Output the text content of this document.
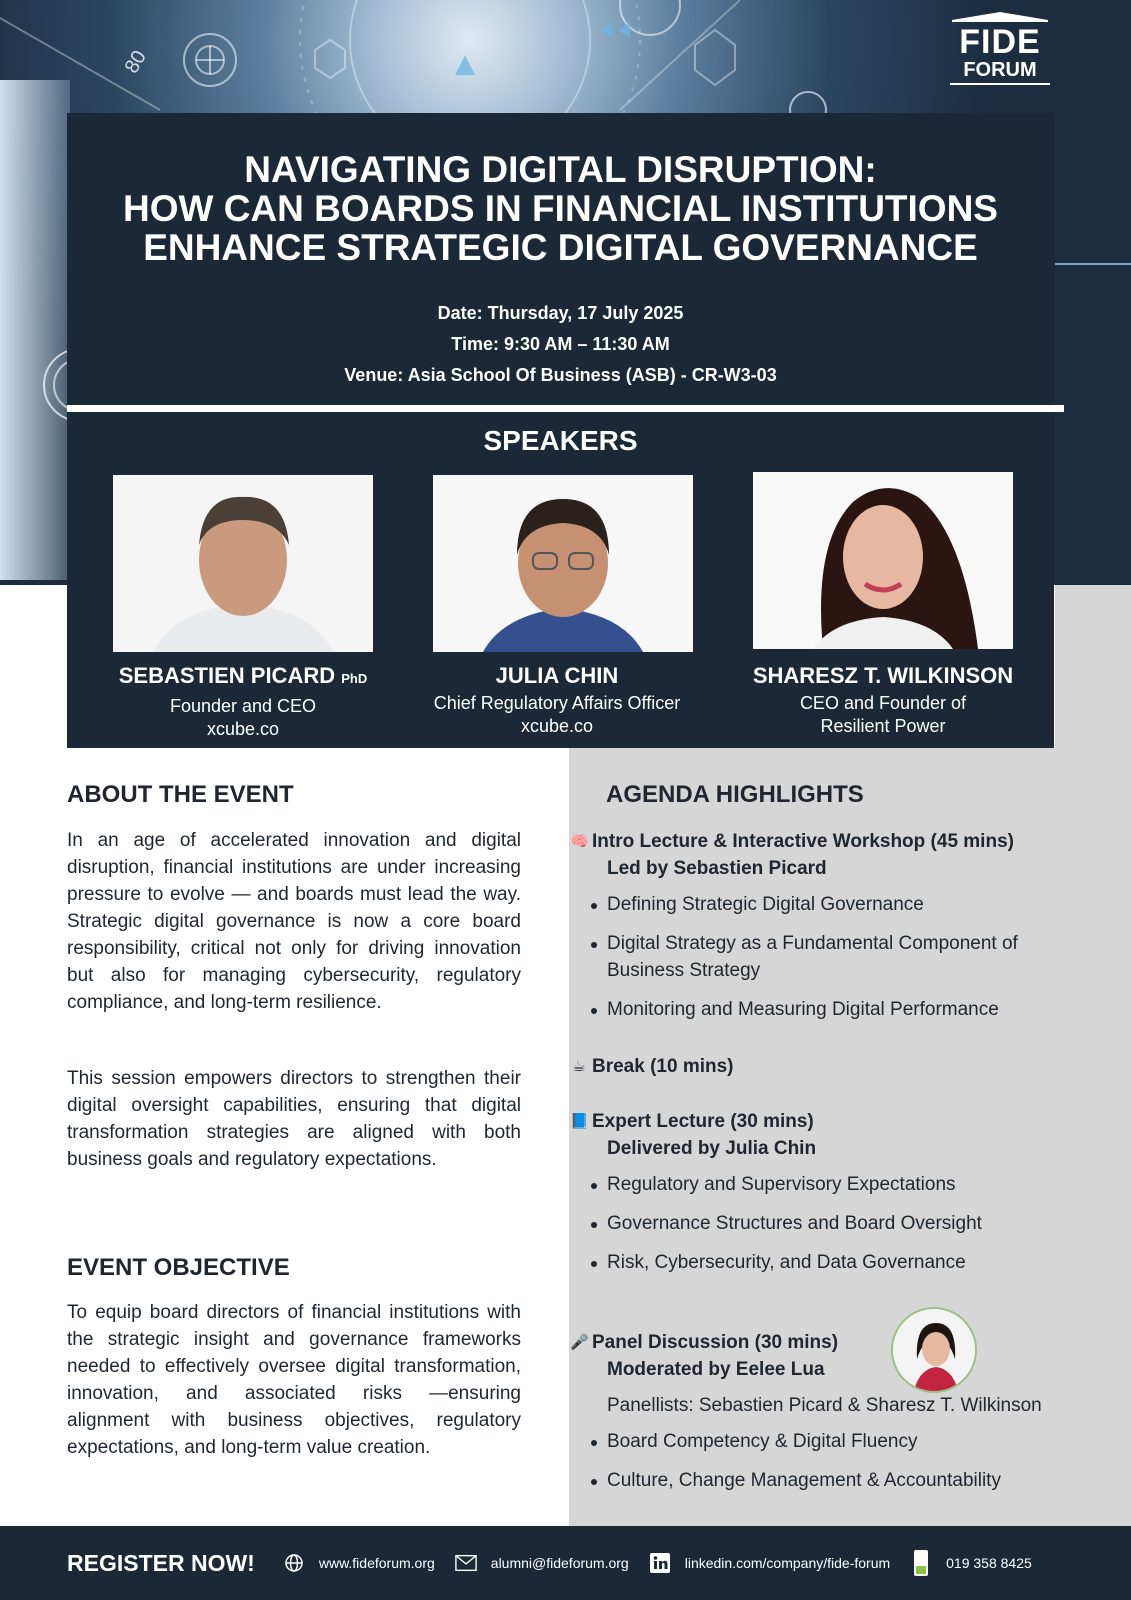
80
FIDE
FORUM
NAVIGATING DIGITAL DISRUPTION:
HOW CAN BOARDS IN FINANCIAL INSTITUTIONS
ENHANCE STRATEGIC DIGITAL GOVERNANCE
Date: Thursday, 17 July 2025
Time: 9:30 AM – 11:30 AM
Venue: Asia School Of Business (ASB) - CR-W3-03
SPEAKERS
SEBASTIEN PICARD PhD
Founder and CEO
xcube.co
JULIA CHIN
Chief Regulatory Affairs Officer
xcube.co
SHARESZ T. WILKINSON
CEO and Founder of
Resilient Power
ABOUT THE EVENT
In an age of accelerated innovation and digital disruption, financial institutions are under increasing pressure to evolve — and boards must lead the way. Strategic digital governance is now a core board responsibility, critical not only for driving innovation but also for managing cybersecurity, regulatory compliance, and long-term resilience.
This session empowers directors to strengthen their digital oversight capabilities, ensuring that digital transformation strategies are aligned with both business goals and regulatory expectations.
EVENT OBJECTIVE
To equip board directors of financial institutions with the strategic insight and governance frameworks needed to effectively oversee digital transformation, innovation, and associated risks —ensuring alignment with business objectives, regulatory expectations, and long-term value creation.
AGENDA HIGHLIGHTS
🧠 Intro Lecture & Interactive Workshop (45 mins)
Led by Sebastien Picard
Defining Strategic Digital Governance
Digital Strategy as a Fundamental Component of Business Strategy
Monitoring and Measuring Digital Performance
☕ Break (10 mins)
📘 Expert Lecture (30 mins)
Delivered by Julia Chin
Regulatory and Supervisory Expectations
Governance Structures and Board Oversight
Risk, Cybersecurity, and Data Governance
🎤 Panel Discussion (30 mins)
Moderated by Eelee Lua
Panellists: Sebastien Picard & Sharesz T. Wilkinson
Board Competency & Digital Fluency
Culture, Change Management & Accountability
REGISTER NOW!	www.fideforum.org	alumni@fideforum.org	linkedin.com/company/fide-forum	019 358 8425
